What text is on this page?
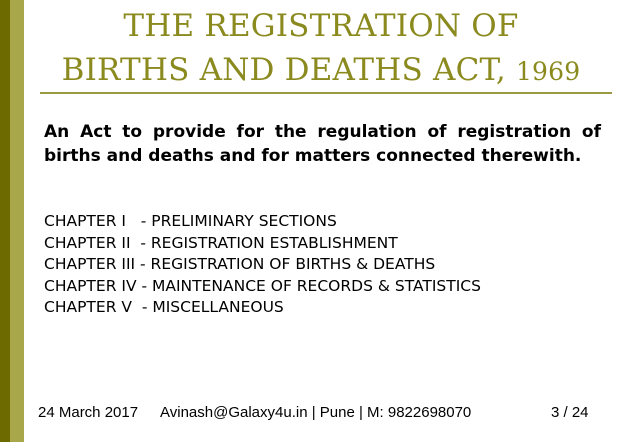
THE REGISTRATION OF
BIRTHS AND DEATHS ACT, 1969

An Act to provide for the regulation of registration of births and deaths and for matters connected therewith.

CHAPTER I   - PRELIMINARY SECTIONS
CHAPTER II  - REGISTRATION ESTABLISHMENT
CHAPTER III - REGISTRATION OF BIRTHS & DEATHS
CHAPTER IV - MAINTENANCE OF RECORDS & STATISTICS
CHAPTER V  - MISCELLANEOUS
24 March 2017 Avinash@Galaxy4u.in | Pune | M: 9822698070	3 / 24
